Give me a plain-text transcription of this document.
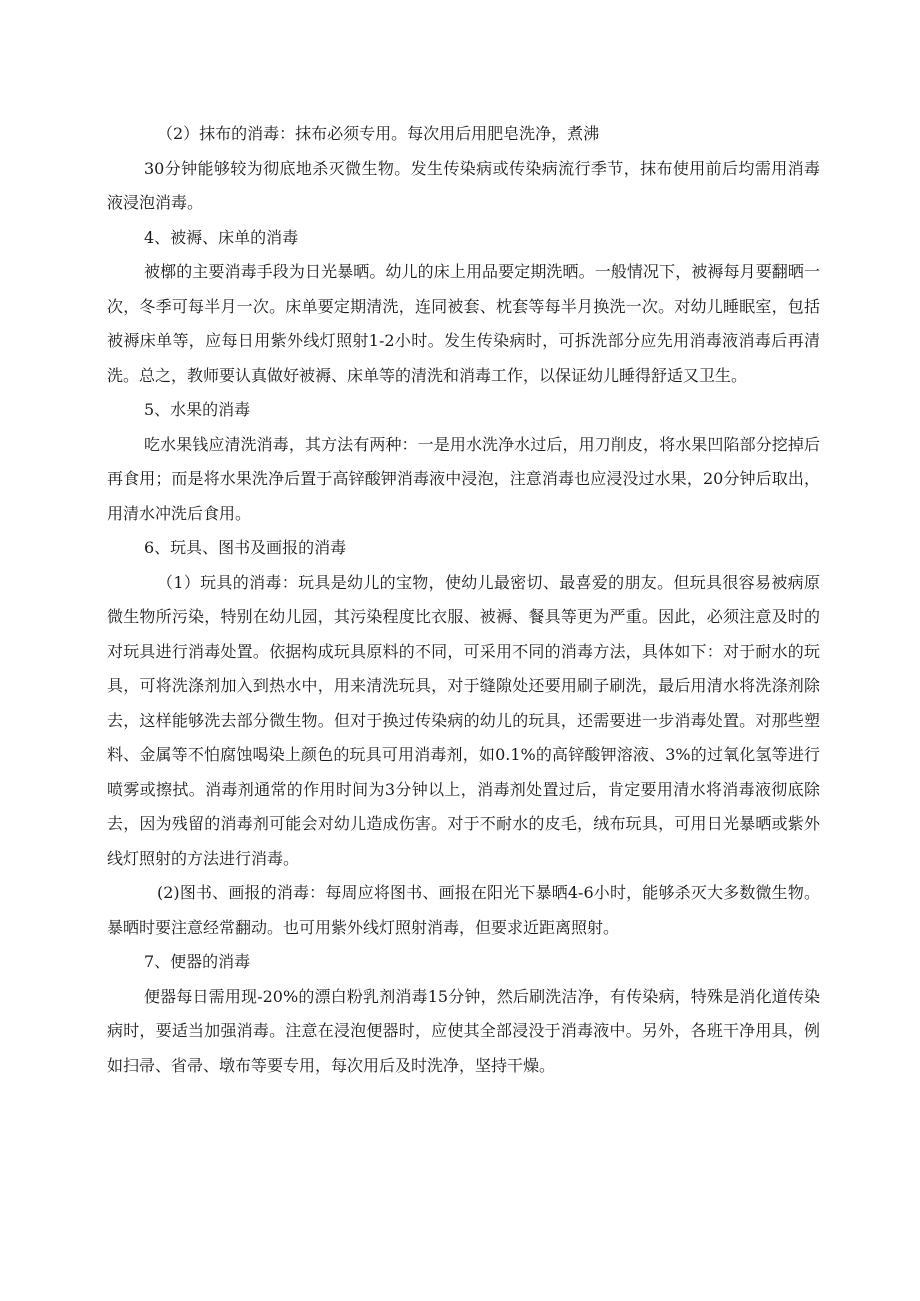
（2）抹布的消毒：抹布必须专用。每次用后用肥皂洗净，煮沸

30分钟能够较为彻底地杀灭微生物。发生传染病或传染病流行季节，抹布使用前后均需用消毒液浸泡消毒。

4、被褥、床单的消毒

被槨的主要消毒手段为日光暴晒。幼儿的床上用品要定期洗晒。一般情况下，被褥每月要翻晒一次，冬季可每半月一次。床单要定期清洗，连同被套、枕套等每半月换洗一次。对幼儿睡眠室，包括被褥床单等，应每日用紫外线灯照射1-2小时。发生传染病时，可拆洗部分应先用消毒液消毒后再清洗。总之，教师要认真做好被褥、床单等的清洗和消毒工作，以保证幼儿睡得舒适又卫生。

5、水果的消毒

吃水果钱应清洗消毒，其方法有两种：一是用水洗净水过后，用刀削皮，将水果凹陷部分挖掉后再食用；而是将水果洗净后置于高锌酸钾消毒液中浸泡，注意消毒也应浸没过水果，20分钟后取出，用清水冲洗后食用。

6、玩具、图书及画报的消毒

（1）玩具的消毒：玩具是幼儿的宝物，使幼儿最密切、最喜爱的朋友。但玩具很容易被病原微生物所污染，特别在幼儿园，其污染程度比衣服、被褥、餐具等更为严重。因此，必须注意及时的对玩具进行消毒处置。依据构成玩具原料的不同，可采用不同的消毒方法，具体如下：对于耐水的玩具，可将洗涤剂加入到热水中，用来清洗玩具，对于缝隙处还要用刷子刷洗，最后用清水将洗涤剂除去，这样能够洗去部分微生物。但对于换过传染病的幼儿的玩具，还需要进一步消毒处置。对那些塑料、金属等不怕腐蚀喝染上颜色的玩具可用消毒剂，如0.1%的高锌酸钾溶液、3%的过氧化氢等进行喷雾或擦拭。消毒剂通常的作用时间为3分钟以上，消毒剂处置过后，肯定要用清水将消毒液彻底除去，因为残留的消毒剂可能会对幼儿造成伤害。对于不耐水的皮毛，绒布玩具，可用日光暴晒或紫外线灯照射的方法进行消毒。

(2)图书、画报的消毒：每周应将图书、画报在阳光下暴晒4-6小时，能够杀灭大多数微生物。暴晒时要注意经常翻动。也可用紫外线灯照射消毒，但要求近距离照射。

7、便器的消毒

便器每日需用现-20%的漂白粉乳剂消毒15分钟，然后刷洗洁净，有传染病，特殊是消化道传染病时，要适当加强消毒。注意在浸泡便器时，应使其全部浸没于消毒液中。另外，各班干净用具，例如扫帚、省帚、墩布等要专用，每次用后及时洗净，坚持干燥。
